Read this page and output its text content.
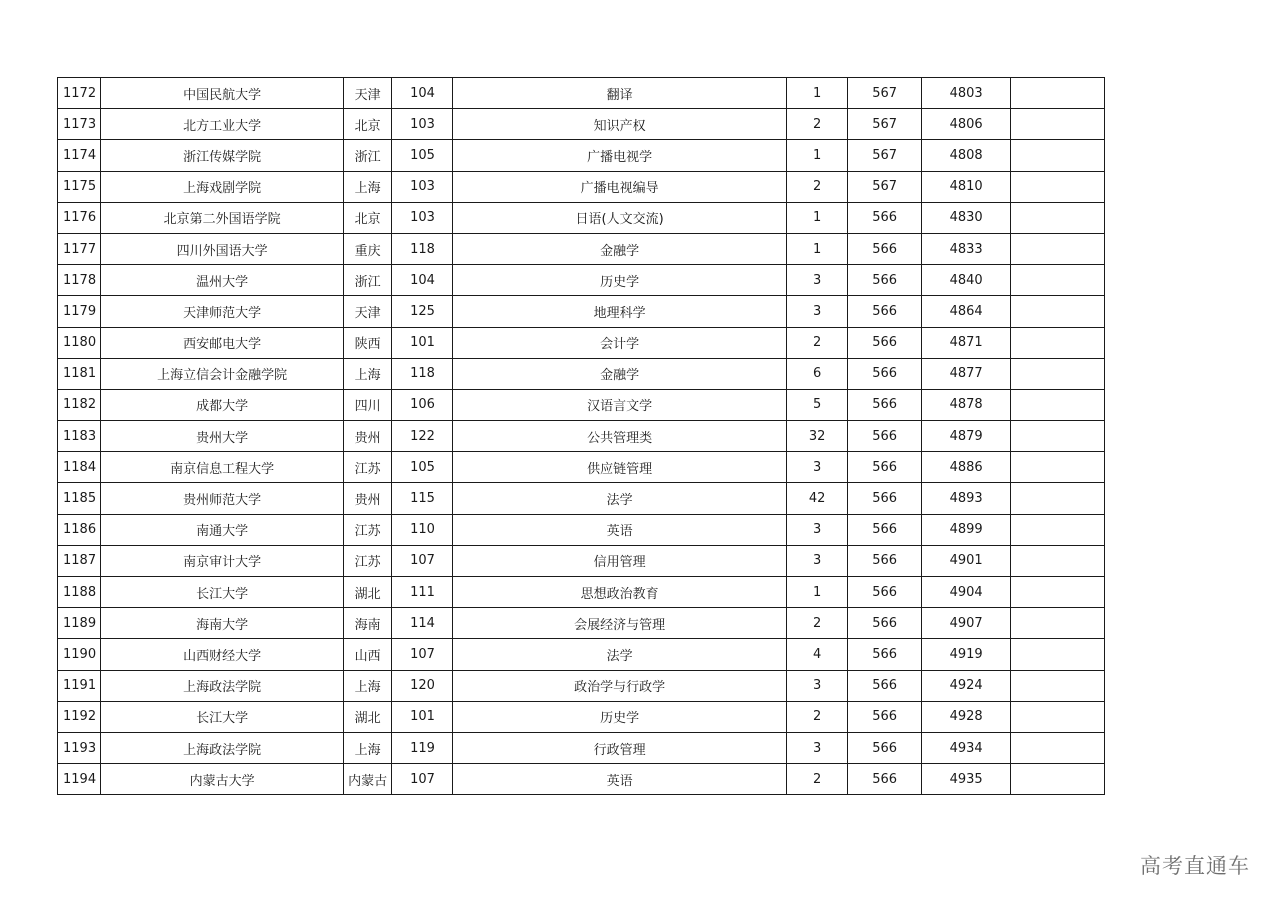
1172	中国民航大学	天津	104	翻译	1	567	4803	
1173	北方工业大学	北京	103	知识产权	2	567	4806	
1174	浙江传媒学院	浙江	105	广播电视学	1	567	4808	
1175	上海戏剧学院	上海	103	广播电视编导	2	567	4810	
1176	北京第二外国语学院	北京	103	日语(人文交流)	1	566	4830	
1177	四川外国语大学	重庆	118	金融学	1	566	4833	
1178	温州大学	浙江	104	历史学	3	566	4840	
1179	天津师范大学	天津	125	地理科学	3	566	4864	
1180	西安邮电大学	陕西	101	会计学	2	566	4871	
1181	上海立信会计金融学院	上海	118	金融学	6	566	4877	
1182	成都大学	四川	106	汉语言文学	5	566	4878	
1183	贵州大学	贵州	122	公共管理类	32	566	4879	
1184	南京信息工程大学	江苏	105	供应链管理	3	566	4886	
1185	贵州师范大学	贵州	115	法学	42	566	4893	
1186	南通大学	江苏	110	英语	3	566	4899	
1187	南京审计大学	江苏	107	信用管理	3	566	4901	
1188	长江大学	湖北	111	思想政治教育	1	566	4904	
1189	海南大学	海南	114	会展经济与管理	2	566	4907	
1190	山西财经大学	山西	107	法学	4	566	4919	
1191	上海政法学院	上海	120	政治学与行政学	3	566	4924	
1192	长江大学	湖北	101	历史学	2	566	4928	
1193	上海政法学院	上海	119	行政管理	3	566	4934	
1194	内蒙古大学	内蒙古	107	英语	2	566	4935	
高考直通车
